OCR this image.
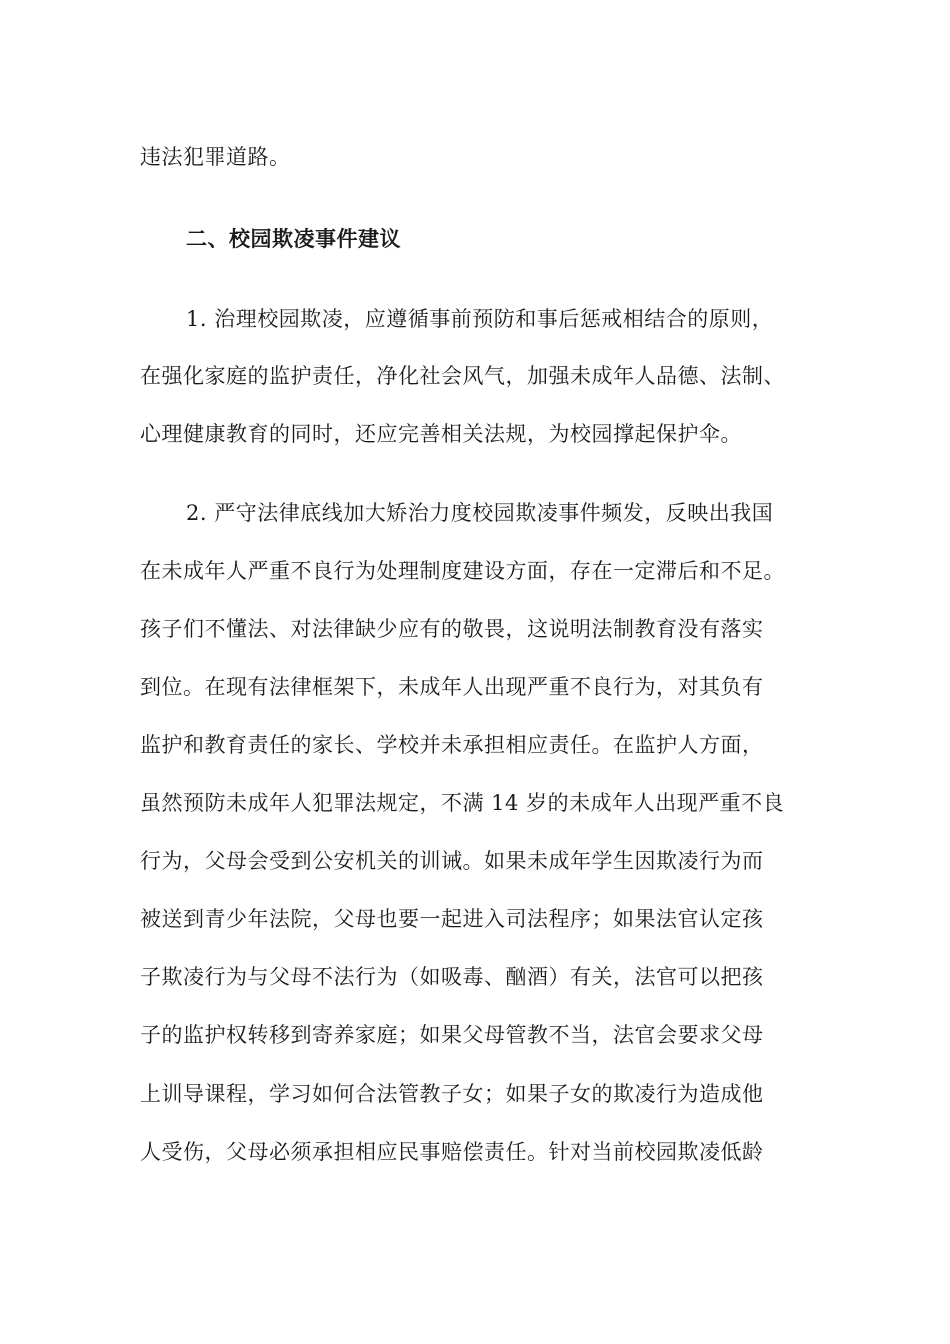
违法犯罪道路。
二、校园欺凌事件建议
1. 治理校园欺凌，应遵循事前预防和事后惩戒相结合的原则，
在强化家庭的监护责任，净化社会风气，加强未成年人品德、法制、
心理健康教育的同时，还应完善相关法规，为校园撑起保护伞。
2. 严守法律底线加大矫治力度校园欺凌事件频发，反映出我国
在未成年人严重不良行为处理制度建设方面，存在一定滞后和不足。
孩子们不懂法、对法律缺少应有的敬畏，这说明法制教育没有落实
到位。在现有法律框架下，未成年人出现严重不良行为，对其负有
监护和教育责任的家长、学校并未承担相应责任。在监护人方面，
虽然预防未成年人犯罪法规定，不满 14 岁的未成年人出现严重不良
行为，父母会受到公安机关的训诫。如果未成年学生因欺凌行为而
被送到青少年法院，父母也要一起进入司法程序；如果法官认定孩
子欺凌行为与父母不法行为（如吸毒、酗酒）有关，法官可以把孩
子的监护权转移到寄养家庭；如果父母管教不当，法官会要求父母
上训导课程，学习如何合法管教子女；如果子女的欺凌行为造成他
人受伤，父母必须承担相应民事赔偿责任。针对当前校园欺凌低龄
